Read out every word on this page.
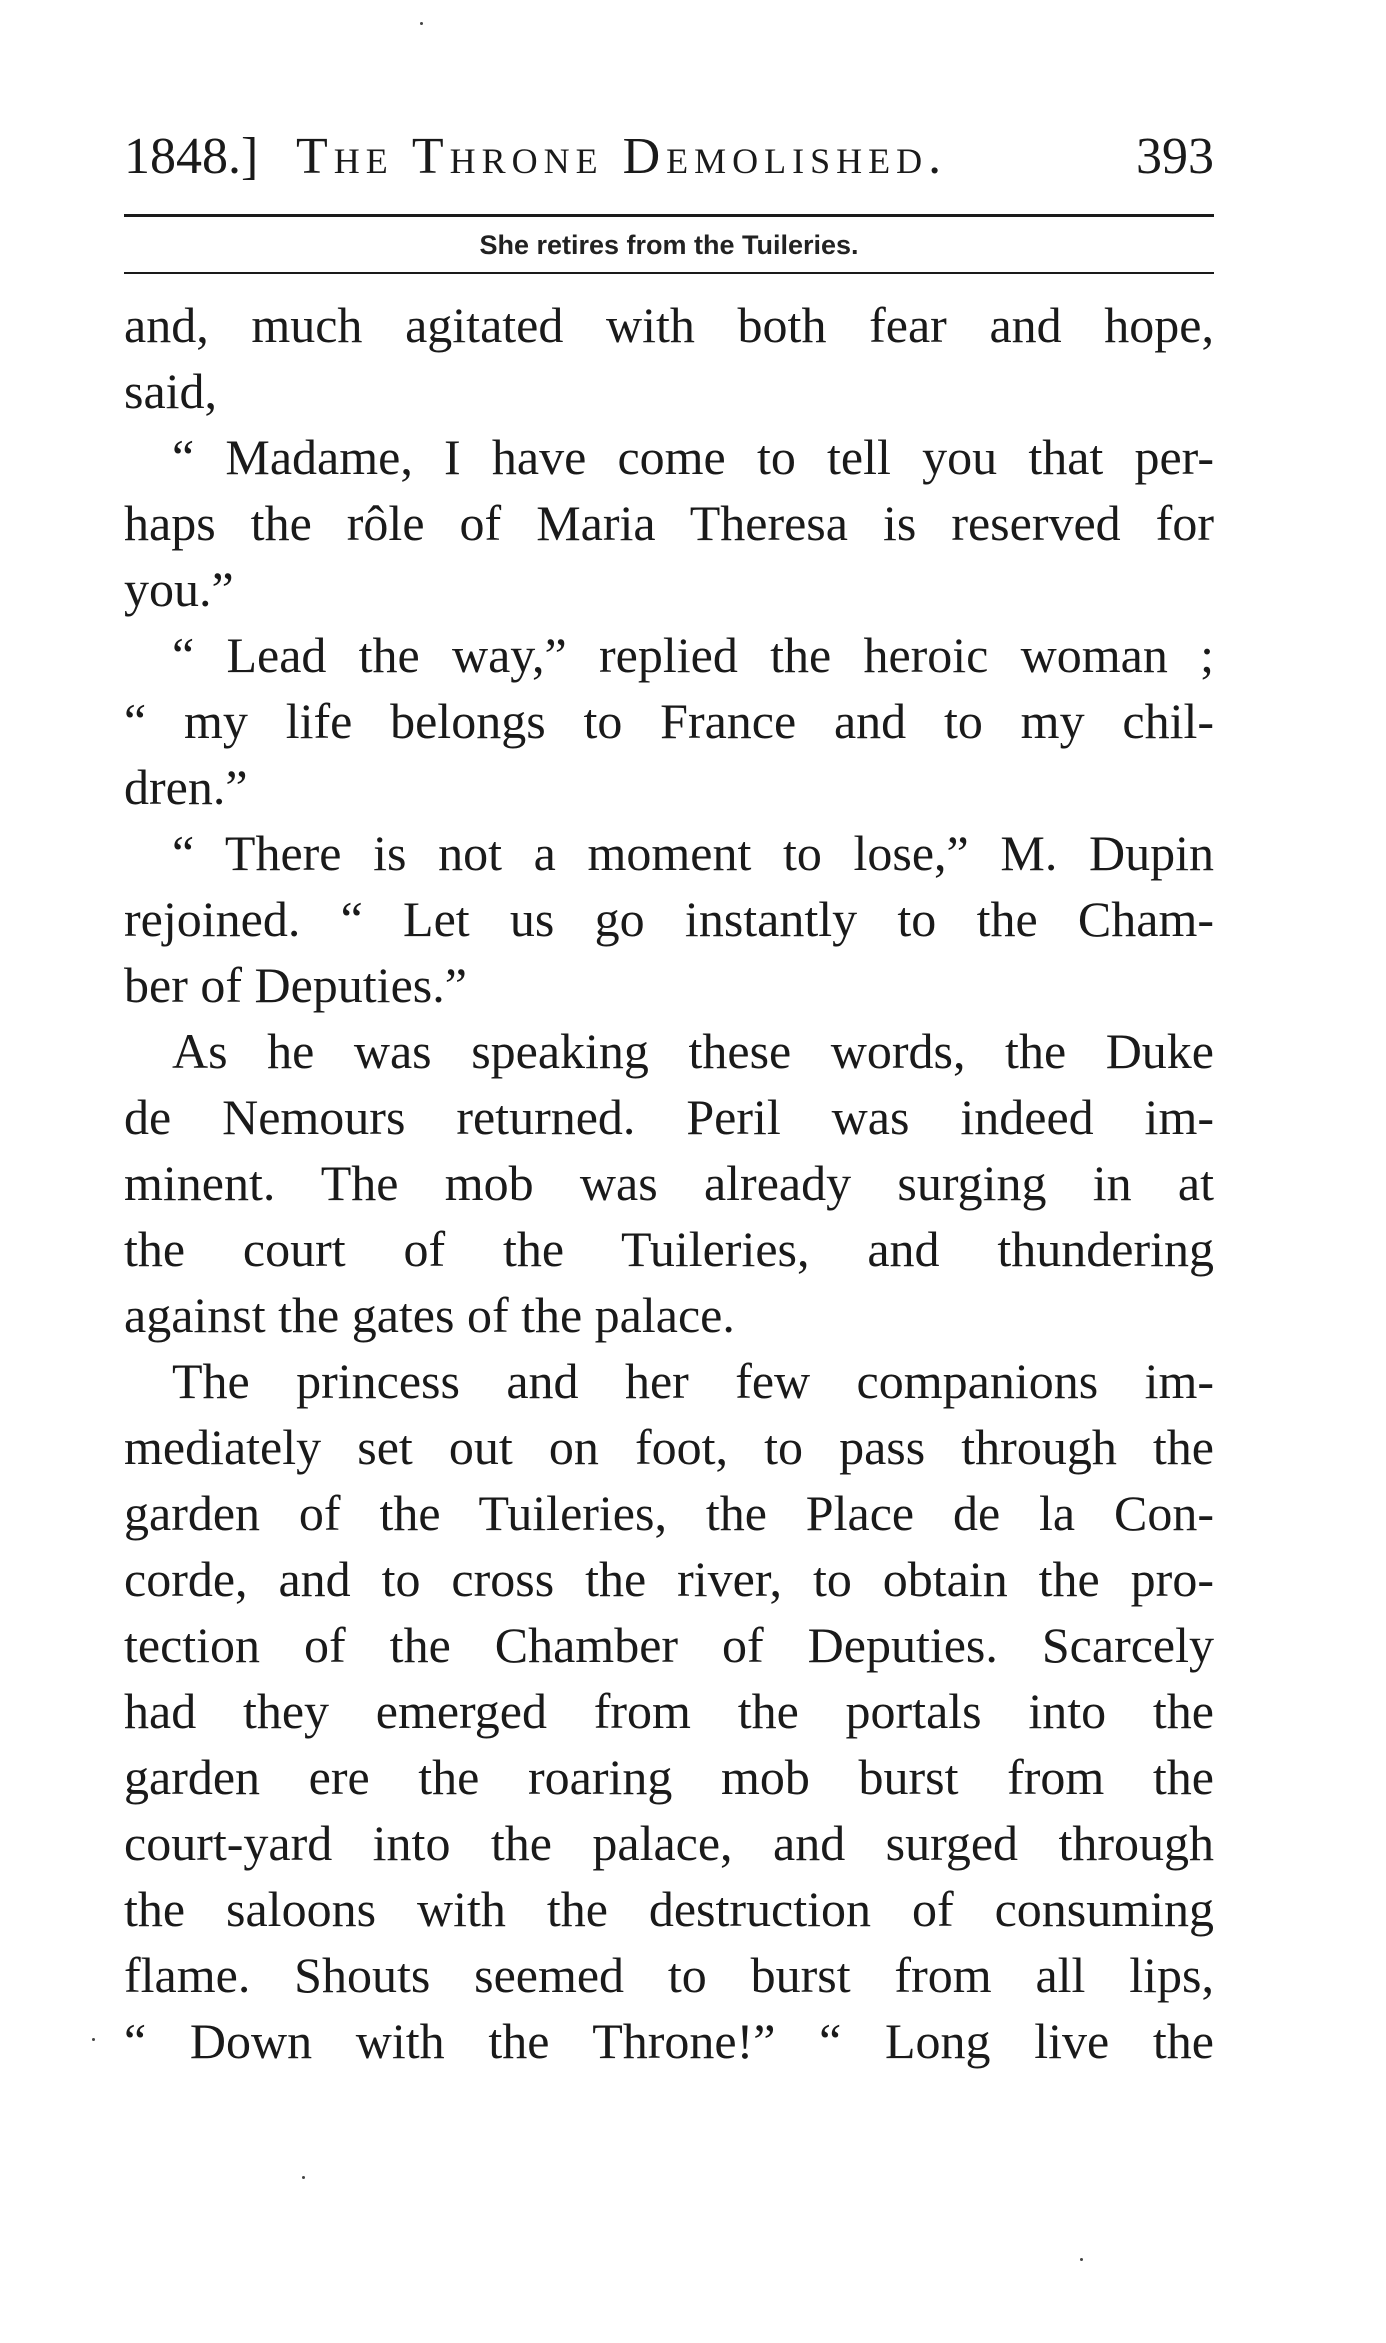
1848.] The Throne Demolished.	393
She retires from the Tuileries.
and, much agitated with both fear and hope,
said,
“ Madame, I have come to tell you that per-
haps the rôle of Maria Theresa is reserved for
you.”
“ Lead the way,” replied the heroic woman ;
“ my life belongs to France and to my chil-
dren.”
“ There is not a moment to lose,” M. Dupin
rejoined. “ Let us go instantly to the Cham-
ber of Deputies.”
As he was speaking these words, the Duke
de Nemours returned. Peril was indeed im-
minent. The mob was already surging in at
the court of the Tuileries, and thundering
against the gates of the palace.
The princess and her few companions im-
mediately set out on foot, to pass through the
garden of the Tuileries, the Place de la Con-
corde, and to cross the river, to obtain the pro-
tection of the Chamber of Deputies. Scarcely
had they emerged from the portals into the
garden ere the roaring mob burst from the
court-yard into the palace, and surged through
the saloons with the destruction of consuming
flame. Shouts seemed to burst from all lips,
“ Down with the Throne!” “ Long live the
